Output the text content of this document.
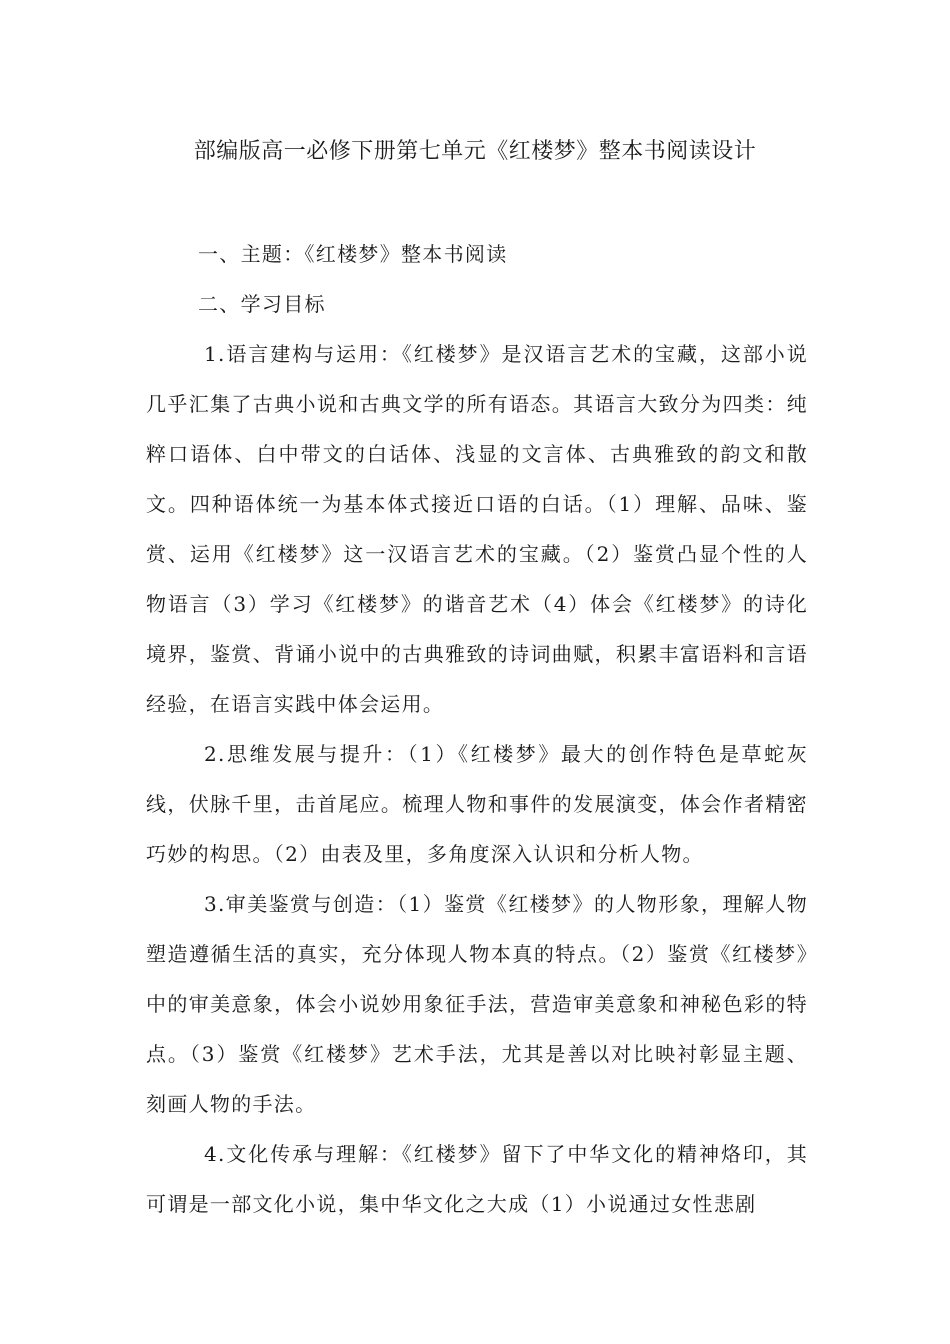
部编版高一必修下册第七单元《红楼梦》整本书阅读设计

一、主题：《红楼梦》整本书阅读

二、学习目标

1.语言建构与运用：《红楼梦》是汉语言艺术的宝藏，这部小说几乎汇集了古典小说和古典文学的所有语态。其语言大致分为四类：纯粹口语体、白中带文的白话体、浅显的文言体、古典雅致的韵文和散文。四种语体统一为基本体式接近口语的白话。（1）理解、品味、鉴赏、运用《红楼梦》这一汉语言艺术的宝藏。（2）鉴赏凸显个性的人物语言（3）学习《红楼梦》的谐音艺术（4）体会《红楼梦》的诗化境界，鉴赏、背诵小说中的古典雅致的诗词曲赋，积累丰富语料和言语经验，在语言实践中体会运用。

2.思维发展与提升：（1）《红楼梦》最大的创作特色是草蛇灰线，伏脉千里，击首尾应。梳理人物和事件的发展演变，体会作者精密巧妙的构思。（2）由表及里，多角度深入认识和分析人物。

3.审美鉴赏与创造：（1）鉴赏《红楼梦》的人物形象，理解人物塑造遵循生活的真实，充分体现人物本真的特点。（2）鉴赏《红楼梦》中的审美意象，体会小说妙用象征手法，营造审美意象和神秘色彩的特点。（3）鉴赏《红楼梦》艺术手法，尤其是善以对比映衬彰显主题、刻画人物的手法。

4.文化传承与理解：《红楼梦》留下了中华文化的精神烙印，其可谓是一部文化小说，集中华文化之大成（1）小说通过女性悲剧
